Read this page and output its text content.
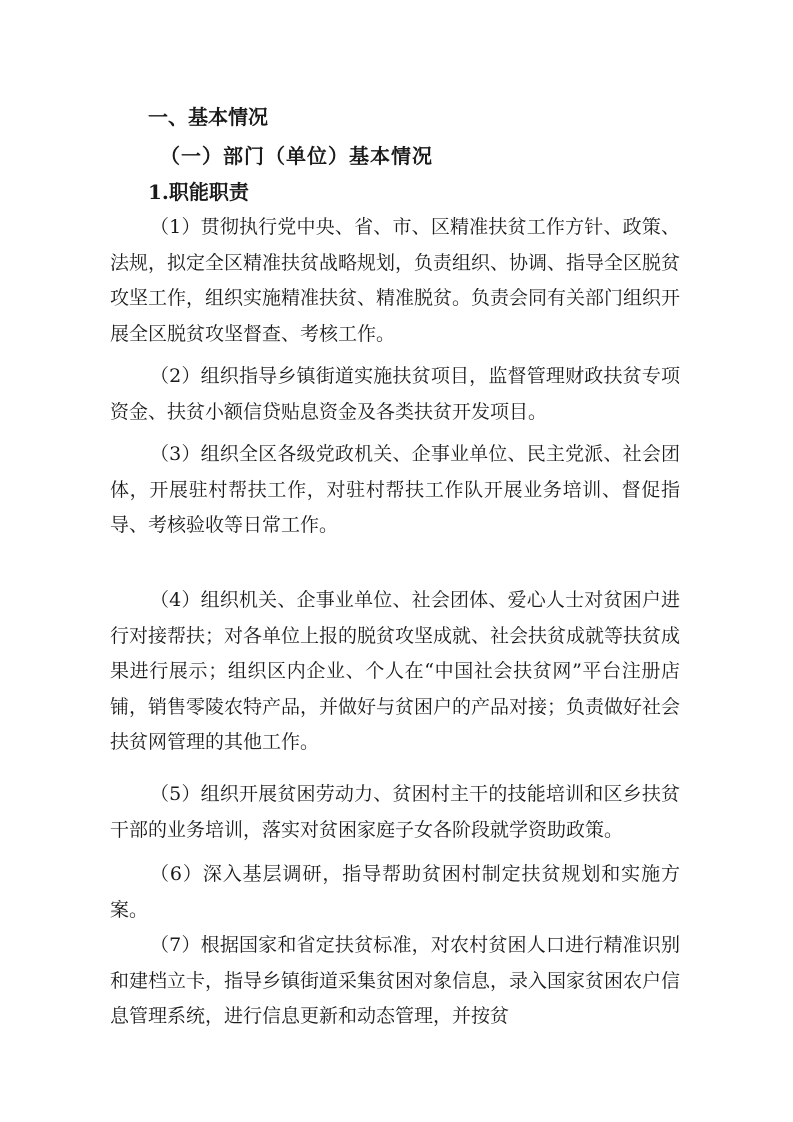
一、基本情况
（一）部门（单位）基本情况
1.职能职责

（1）贯彻执行党中央、省、市、区精准扶贫工作方针、政策、法规，拟定全区精准扶贫战略规划，负责组织、协调、指导全区脱贫攻坚工作，组织实施精准扶贫、精准脱贫。负责会同有关部门组织开展全区脱贫攻坚督查、考核工作。

（2）组织指导乡镇街道实施扶贫项目，监督管理财政扶贫专项资金、扶贫小额信贷贴息资金及各类扶贫开发项目。

（3）组织全区各级党政机关、企事业单位、民主党派、社会团体，开展驻村帮扶工作，对驻村帮扶工作队开展业务培训、督促指导、考核验收等日常工作。

（4）组织机关、企事业单位、社会团体、爱心人士对贫困户进行对接帮扶；对各单位上报的脱贫攻坚成就、社会扶贫成就等扶贫成果进行展示；组织区内企业、个人在“中国社会扶贫网”平台注册店铺，销售零陵农特产品，并做好与贫困户的产品对接；负责做好社会扶贫网管理的其他工作。

（5）组织开展贫困劳动力、贫困村主干的技能培训和区乡扶贫干部的业务培训，落实对贫困家庭子女各阶段就学资助政策。

（6）深入基层调研，指导帮助贫困村制定扶贫规划和实施方案。

（7）根据国家和省定扶贫标准，对农村贫困人口进行精准识别和建档立卡，指导乡镇街道采集贫困对象信息，录入国家贫困农户信息管理系统，进行信息更新和动态管理，并按贫
